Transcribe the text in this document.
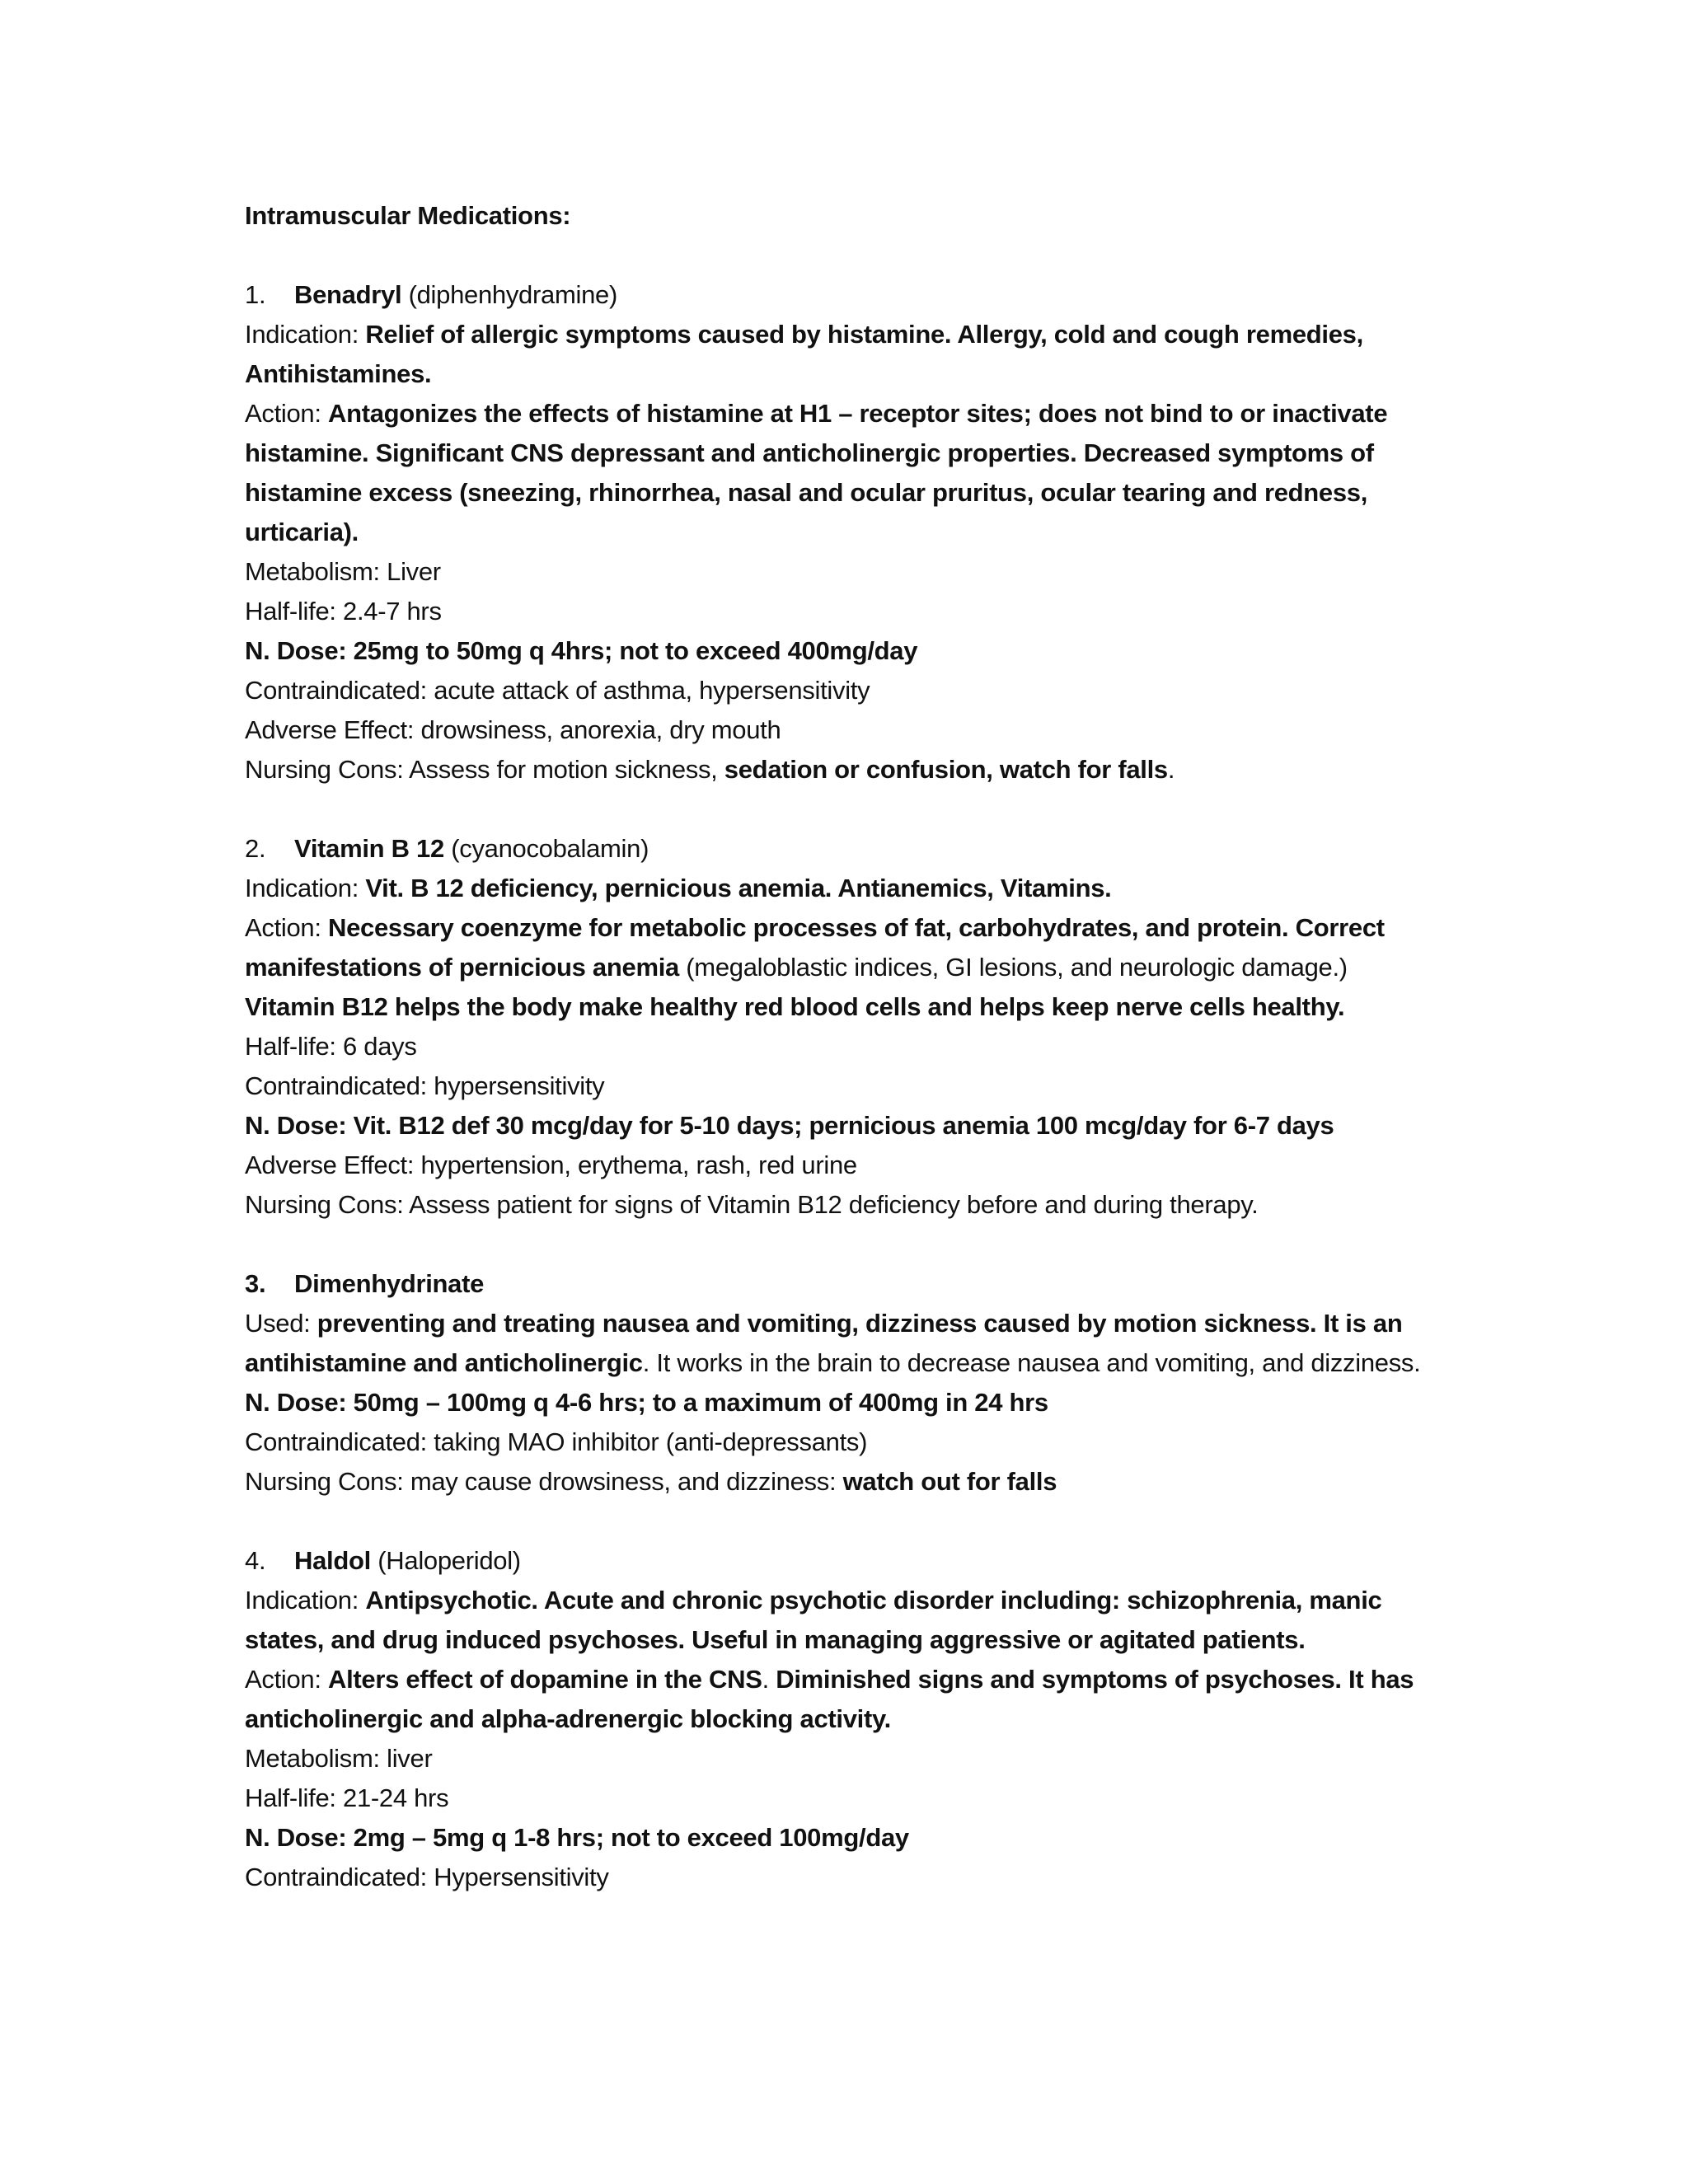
Intramuscular Medications:

1. Benadryl (diphenhydramine)

Indication: Relief of allergic symptoms caused by histamine. Allergy, cold and cough remedies, Antihistamines.

Action: Antagonizes the effects of histamine at H1 – receptor sites; does not bind to or inactivate histamine. Significant CNS depressant and anticholinergic properties. Decreased symptoms of histamine excess (sneezing, rhinorrhea, nasal and ocular pruritus, ocular tearing and redness, urticaria).

Metabolism: Liver

Half-life: 2.4-7 hrs

N. Dose: 25mg to 50mg q 4hrs; not to exceed 400mg/day

Contraindicated: acute attack of asthma, hypersensitivity

Adverse Effect: drowsiness, anorexia, dry mouth

Nursing Cons: Assess for motion sickness, sedation or confusion, watch for falls.

2. Vitamin B 12 (cyanocobalamin)

Indication: Vit. B 12 deficiency, pernicious anemia. Antianemics, Vitamins.

Action: Necessary coenzyme for metabolic processes of fat, carbohydrates, and protein. Correct manifestations of pernicious anemia (megaloblastic indices, GI lesions, and neurologic damage.)

Vitamin B12 helps the body make healthy red blood cells and helps keep nerve cells healthy.

Half-life: 6 days

Contraindicated: hypersensitivity

N. Dose: Vit. B12 def 30 mcg/day for 5-10 days; pernicious anemia 100 mcg/day for 6-7 days

Adverse Effect: hypertension, erythema, rash, red urine

Nursing Cons: Assess patient for signs of Vitamin B12 deficiency before and during therapy.

3. Dimenhydrinate

Used: preventing and treating nausea and vomiting, dizziness caused by motion sickness. It is an antihistamine and anticholinergic. It works in the brain to decrease nausea and vomiting, and dizziness.

N. Dose: 50mg – 100mg q 4-6 hrs; to a maximum of 400mg in 24 hrs

Contraindicated: taking MAO inhibitor (anti-depressants)

Nursing Cons: may cause drowsiness, and dizziness: watch out for falls

4. Haldol (Haloperidol)

Indication: Antipsychotic. Acute and chronic psychotic disorder including: schizophrenia, manic states, and drug induced psychoses. Useful in managing aggressive or agitated patients.

Action: Alters effect of dopamine in the CNS. Diminished signs and symptoms of psychoses. It has anticholinergic and alpha-adrenergic blocking activity.

Metabolism: liver

Half-life: 21-24 hrs

N. Dose: 2mg – 5mg q 1-8 hrs; not to exceed 100mg/day

Contraindicated: Hypersensitivity
